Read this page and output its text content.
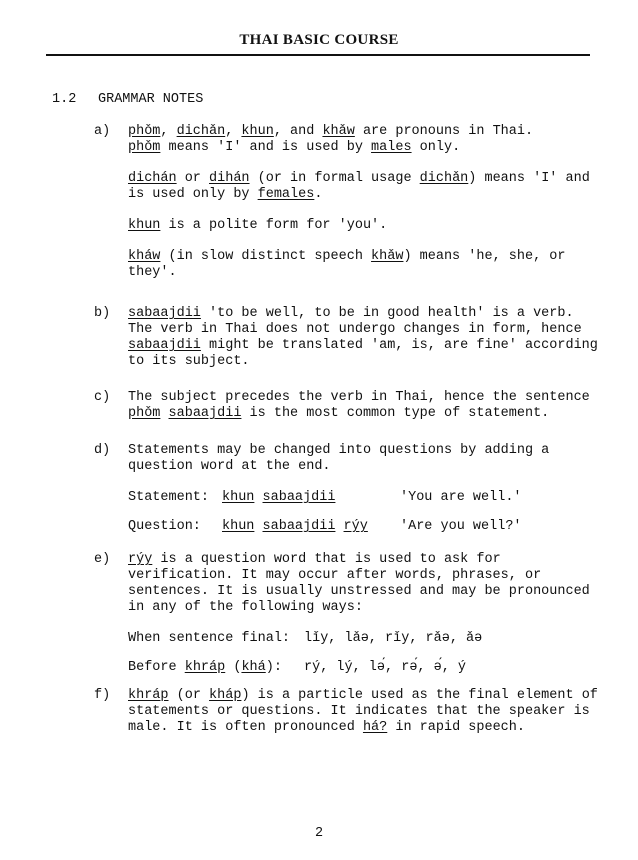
THAI BASIC COURSE
1.2 GRAMMAR NOTES
a) phǒm, dichǎn, khun, and khǎw are pronouns in Thai.
phǒm means 'I' and is used by males only.

dichán or dihán (or in formal usage dichǎn) means 'I' and is used only by females.

khun is a polite form for 'you'.

kháw (in slow distinct speech khǎw) means 'he, she, or they'.

b) sabaajdii 'to be well, to be in good health' is a verb. The verb in Thai does not undergo changes in form, hence sabaajdii might be translated 'am, is, are fine' according to its subject.

c) The subject precedes the verb in Thai, hence the sentence phǒm sabaajdii is the most common type of statement.

d) Statements may be changed into questions by adding a question word at the end.

Statement: khun sabaajdii	'You are well.'
Question:	khun sabaajdii rýy	'Are you well?'
e) rýy is a question word that is used to ask for verification. It may occur after words, phrases, or sentences. It is usually unstressed and may be pronounced in any of the following ways:

When sentence final:	lǐy, lǎə, rǐy, rǎə, ǎə
Before khráp (khá):	rý, lý, lə́, rə́, ə́, ý
f) khráp (or kháp) is a particle used as the final element of statements or questions. It indicates that the speaker is male. It is often pronounced há? in rapid speech.

2
